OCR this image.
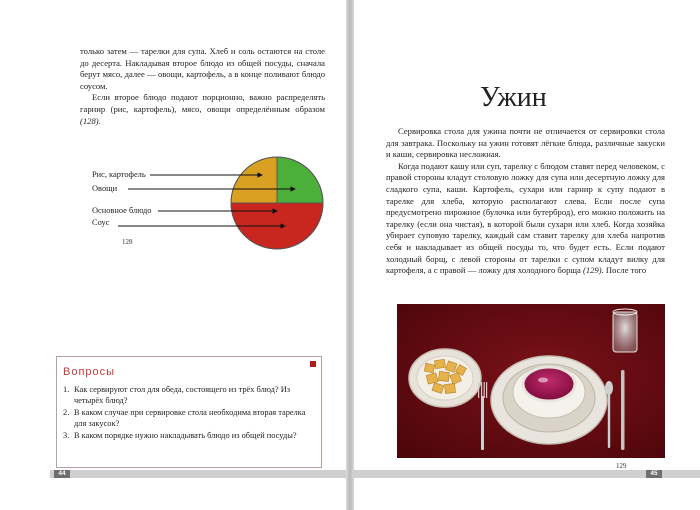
только затем — тарелки для супа. Хлеб и соль остаются на столе до десерта. Накладывая второе блюдо из общей посуды, сначала берут мясо, далее — овощи, картофель, а в конце поливают блюдо соусом.

Если второе блюдо подают порционно, важно распределять гарнир (рис, картофель), мясо, овощи определённым образом (128).

Рис, картофель
Овощи
Основное блюдо
Соус
128
Вопросы
1. Как сервируют стол для обеда, состоящего из трёх блюд? Из четырёх блюд?
2. В каком случае при сервировке стола необходима вторая тарелка для закусок?
3. В каком порядке нужно накладывать блюдо из общей посуды?
44
Ужин

Сервировка стола для ужина почти не отличается от сервировки стола для завтрака. Поскольку на ужин готовят лёгкие блюда, различные закуски и каши, сервировка несложная.

Когда подают кашу или суп, тарелку с блюдом ставят перед человеком, с правой стороны кладут столовую ложку для супа или десертную ложку для сладкого супа, каши. Картофель, сухари или гарнир к супу подают в тарелке для хлеба, которую располагают слева. Если после супа предусмотрено пирожное (булочка или бутерброд), его можно положить на тарелку (если она чистая), в которой были сухари или хлеб. Когда хозяйка убирает суповую тарелку, каждый сам ставит тарелку для хлеба напротив себя и накладывает из общей посуды то, что будет есть. Если подают холодный борщ, с левой стороны от тарелки с супом кладут вилку для картофеля, а с правой — ложку для холодного борща (129). После того

129
45
